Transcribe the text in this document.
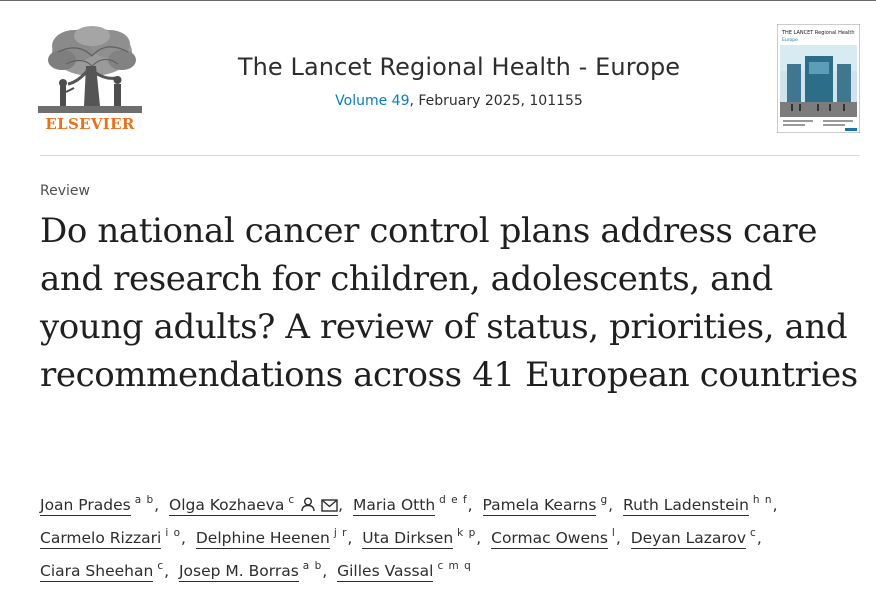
ELSEVIER
The Lancet Regional Health - Europe
Volume 49, February 2025, 101155
THE LANCET Regional Health
Europe
Review
Do national cancer control plans address care and research for children, adolescents, and young adults? A review of status, priorities, and recommendations across 41 European countries
Joan Prades $^{a b}$, Olga Kozhaeva $^c$	, Maria Otth $^{d e f}$, Pamela Kearns $^g$, Ruth Ladenstein $^{h n}$, Carmelo Rizzari $^{i o}$, Delphine Heenen $^{j r}$, Uta Dirksen $^{k p}$, Cormac Owens $^l$, Deyan Lazarov $^c$, Ciara Sheehan $^c$, Josep M. Borras $^{a b}$, Gilles Vassal $^{c m q}$
